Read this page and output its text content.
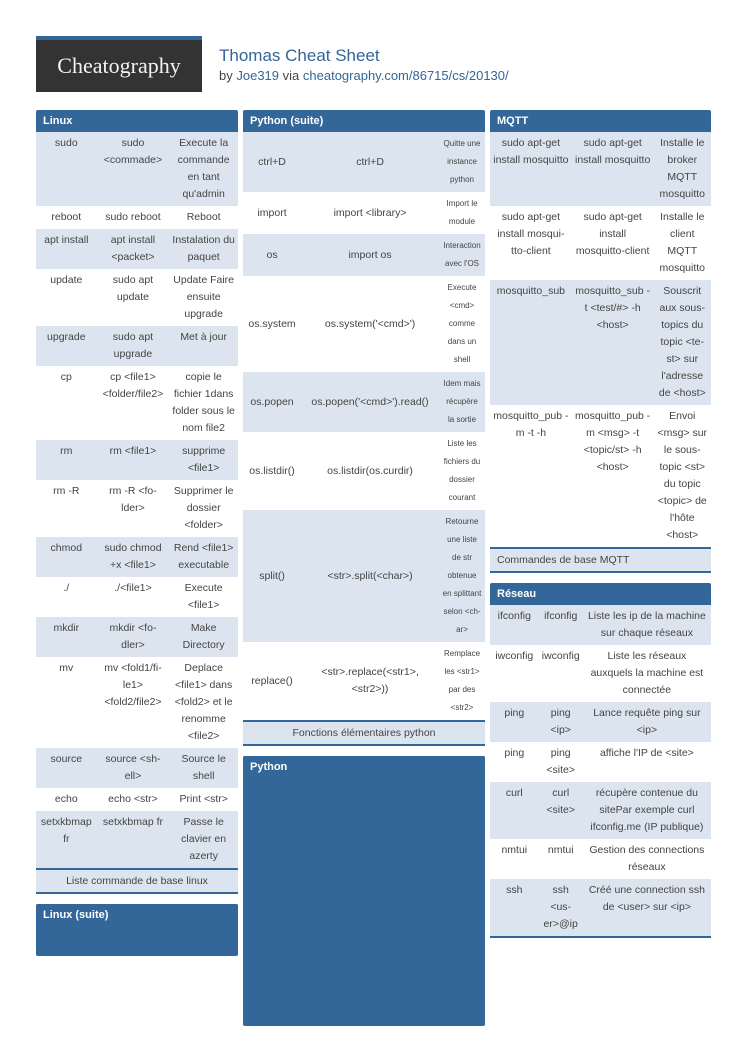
Cheatography	Thomas Cheat Sheet
by Joe319 via cheatography.com/86715/cs/20130/
Linux
sudo	sudo <commade>	Execute la commande en tant qu'admin
reboot	sudo reboot	Reboot
apt install	apt install <packet>	Instalation du paquet
update	sudo apt update	Update Faire ensuite upgrade
upgrade	sudo apt upgrade	Met à jour
cp	cp <file1> <folder/file2>	copie le fichier 1dans folder sous le nom file2
rm	rm <file1>	supprime <file1>
rm -R	rm -R <folder>	Supprimer le dossier <folder>
chmod	sudo chmod +x <file1>	Rend <file1> executable
./	./<file1>	Execute <file1>
mkdir	mkdir <fodler>	Make Directory
mv	mv <fold1/file1> <fold2/file2>	Deplace <file1> dans <fold2> et le renomme <file2>
source	source <shell>	Source le shell
echo	echo <str>	Print <str>
setxkbmap fr	setxkbmap fr	Passe le clavier en azerty
Liste commande de base linux
Linux (suite)
Python (suite)
ctrl+D	ctrl+D	Quitte une instance python
import	import <library>	Import le module
os	import os	Interaction avec l'OS
os.system	os.system('<cmd>')	Execute <cmd> comme dans un shell
os.popen	os.popen('<cmd>').read()	Idem mais récupère la sortie
os.listdir()	os.listdir(os.curdir)	Liste les fichiers du dossier courant
split()	<str>.split(<char>)	Retourne une liste de str obtenue en splittant selon <char>
replace()	<str>.replace(<str1>, <str2>))	Remplace les <str1> par des <str2>
Fonctions élémentaires python
Python
MQTT
sudo apt-get install mosquitto	sudo apt-get install mosquitto	Installe le broker MQTT mosquitto
sudo apt-get install mosquitto-client	sudo apt-get install mosquitto-client	Installe le client MQTT mosquitto
mosquitto_sub	mosquitto_sub -t <test/#> -h <host>	Souscrit aux sous-topics du topic <test> sur l'adresse de <host>
mosquitto_pub -m -t -h	mosquitto_pub -m <msg> -t <topic/st> -h <host>	Envoi <msg> sur le sous-topic <st> du topic <topic> de l'hôte <host>
Commandes de base MQTT
Réseau
ifconfig	ifconfig	Liste les ip de la machine sur chaque réseaux
iwconfig	iwconfig	Liste les réseaux auxquels la machine est connectée
ping	ping <ip>	Lance requête ping sur <ip>
ping	ping <site>	affiche l'IP de <site>
curl	curl <site>	récupère contenue du sitePar exemple curl ifconfig.me (IP publique)
nmtui	nmtui	Gestion des connections réseaux
ssh	ssh <user>@ip	Créé une connection ssh de <user> sur <ip>
